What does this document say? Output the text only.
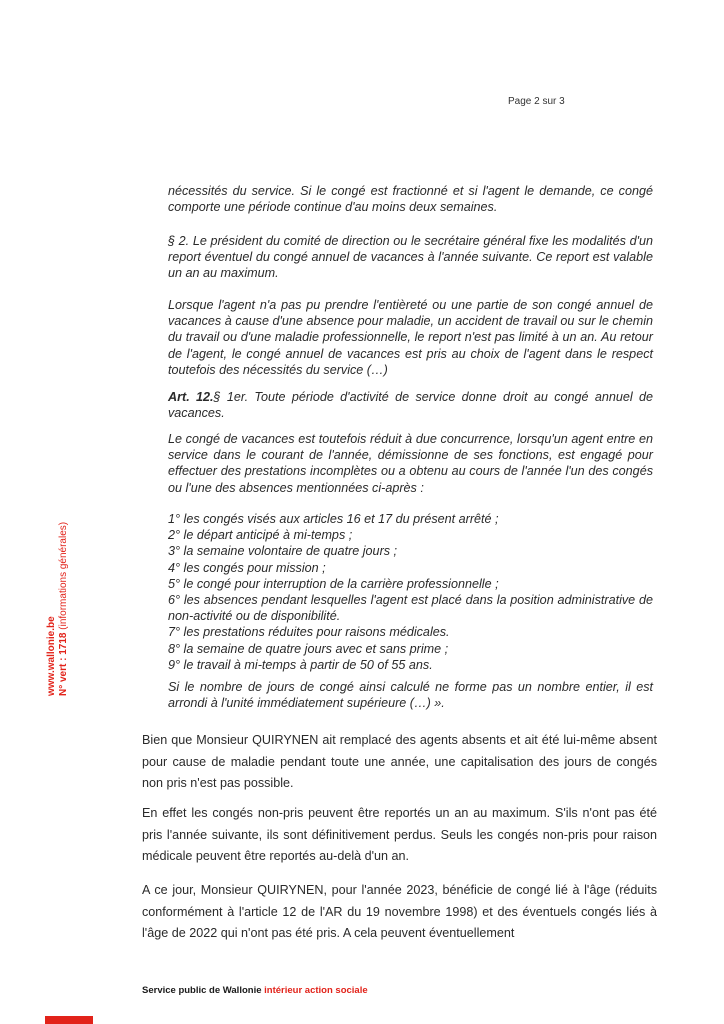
Page 2 sur 3

nécessités du service. Si le congé est fractionné et si l'agent le demande, ce congé comporte une période continue d'au moins deux semaines.

§ 2. Le président du comité de direction ou le secrétaire général fixe les modalités d'un report éventuel du congé annuel de vacances à l'année suivante. Ce report est valable un an au maximum.

Lorsque l'agent n'a pas pu prendre l'entièreté ou une partie de son congé annuel de vacances à cause d'une absence pour maladie, un accident de travail ou sur le chemin du travail ou d'une maladie professionnelle, le report n'est pas limité à un an. Au retour de l'agent, le congé annuel de vacances est pris au choix de l'agent dans le respect toutefois des nécessités du service (…)

Art. 12.§ 1er. Toute période d'activité de service donne droit au congé annuel de vacances.

Le congé de vacances est toutefois réduit à due concurrence, lorsqu'un agent entre en service dans le courant de l'année, démissionne de ses fonctions, est engagé pour effectuer des prestations incomplètes ou a obtenu au cours de l'année l'un des congés ou l'une des absences mentionnées ci-après :

1° les congés visés aux articles 16 et 17 du présent arrêté ;

2° le départ anticipé à mi-temps ;

3° la semaine volontaire de quatre jours ;

4° les congés pour mission ;

5° le congé pour interruption de la carrière professionnelle ;

6° les absences pendant lesquelles l'agent est placé dans la position administrative de non-activité ou de disponibilité.

7° les prestations réduites pour raisons médicales.

8° la semaine de quatre jours avec et sans prime ;

9° le travail à mi-temps à partir de 50 of 55 ans.

Si le nombre de jours de congé ainsi calculé ne forme pas un nombre entier, il est arrondi à l'unité immédiatement supérieure (…) ».

Bien que Monsieur QUIRYNEN ait remplacé des agents absents et ait été lui-même absent pour cause de maladie pendant toute une année, une capitalisation des jours de congés non pris n'est pas possible.

En effet les congés non-pris peuvent être reportés un an au maximum. S'ils n'ont pas été pris l'année suivante, ils sont définitivement perdus. Seuls les congés non-pris pour raison médicale peuvent être reportés au-delà d'un an.

A ce jour, Monsieur QUIRYNEN, pour l'année 2023, bénéficie de congé lié à l'âge (réduits conformément à l'article 12 de l'AR du 19 novembre 1998) et des éventuels congés liés à l'âge de 2022 qui n'ont pas été pris. A cela peuvent éventuellement

www.wallonie.be N° vert : 1718 (informations générales)
Service public de Wallonie intérieur action sociale
